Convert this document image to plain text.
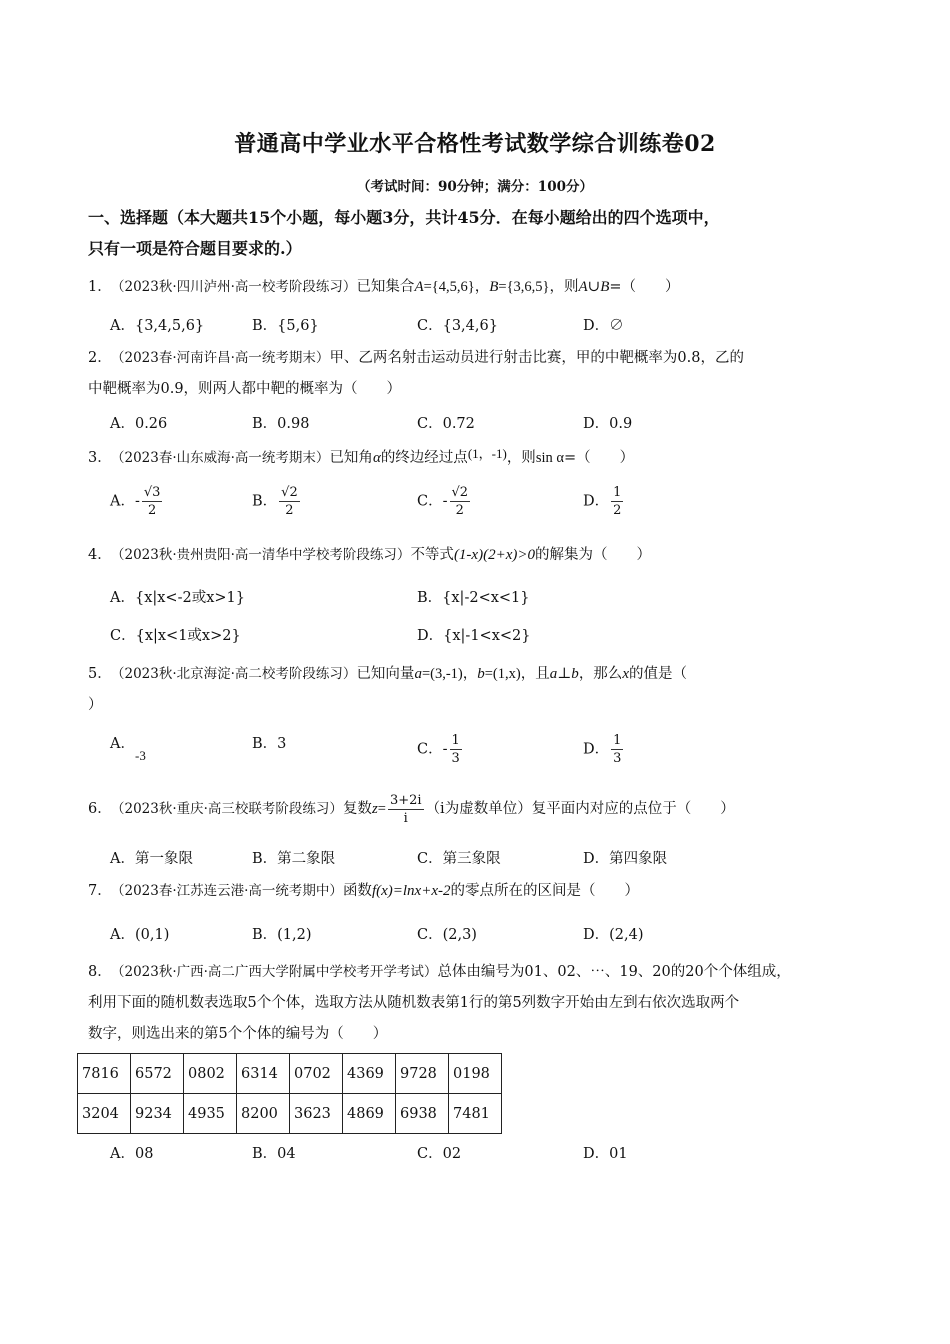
普通高中学业水平合格性考试数学综合训练卷02
（考试时间：90分钟；满分：100分）
一、选择题（本大题共15个小题，每小题3分，共计45分．在每小题给出的四个选项中，
只有一项是符合题目要求的.）
1． （2023秋·四川泸州·高一校考阶段练习）已知集合A={4,5,6}，B={3,6,5}，则A∪B=（　　）
A．{3,4,5,6}	B．{5,6}	C．{3,4,6}	D．∅
2． （2023春·河南许昌·高一统考期末）甲、乙两名射击运动员进行射击比赛，甲的中靶概率为0.8，乙的
中靶概率为0.9，则两人都中靶的概率为（　　）
A．0.26	B．0.98	C．0.72	D．0.9
3． （2023春·山东威海·高一统考期末）已知角α的终边经过点(1，-1)，则sin α=（　　）
A．- $\frac{√3}{2}$	B． $\frac{√2}{2}$	C．- $\frac{√2}{2}$	D． $\frac{1}{2}$
4． （2023秋·贵州贵阳·高一清华中学校考阶段练习）不等式(1-x)(2+x)>0的解集为（　　）
A．{x|x<-2或x>1}	B．{x|-2<x<1}
C．{x|x<1或x>2}	D．{x|-1<x<2}
5． （2023秋·北京海淀·高二校考阶段练习）已知向量a=(3,-1)，b=(1,x)，且a⊥b，那么x的值是（
）
A．-3
B．3	C．- $\frac{1}{3}$	D． $\frac{1}{3}$
6． （2023秋·重庆·高三校联考阶段练习）复数$z= \frac{3+2i}{i} (i$为虚数单位）复平面内对应的点位于（　　）
A．第一象限	B．第二象限	C．第三象限	D．第四象限
7． （2023春·江苏连云港·高一统考期中）函数f(x)=lnx+x-2的零点所在的区间是（　　）
A．(0,1)	B．(1,2)	C．(2,3)	D．(2,4)
8． （2023秋·广西·高二广西大学附属中学校考开学考试）总体由编号为01、02、⋯、19、20的20个个体组成，
利用下面的随机数表选取5个个体，选取方法从随机数表第1行的第5列数字开始由左到右依次选取两个
数字，则选出来的第5个个体的编号为（　　）
7816	6572	0802	6314	0702	4369	9728	0198
3204	9234	4935	8200	3623	4869	6938	7481
A．08	B．04	C．02	D．01
